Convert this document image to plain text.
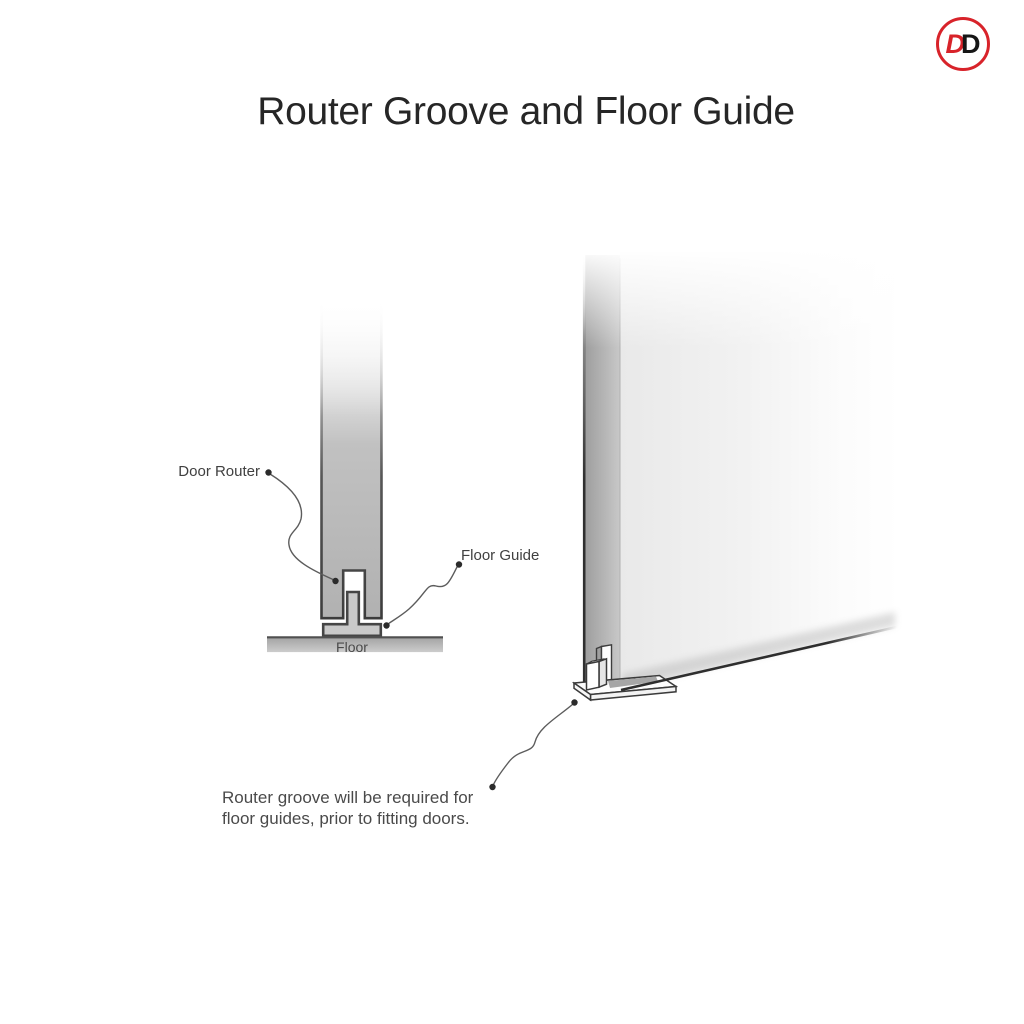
Router Groove and Floor Guide
D
D
Door Router
Floor Guide
Floor
Router groove will be required for
floor guides, prior to fitting doors.
